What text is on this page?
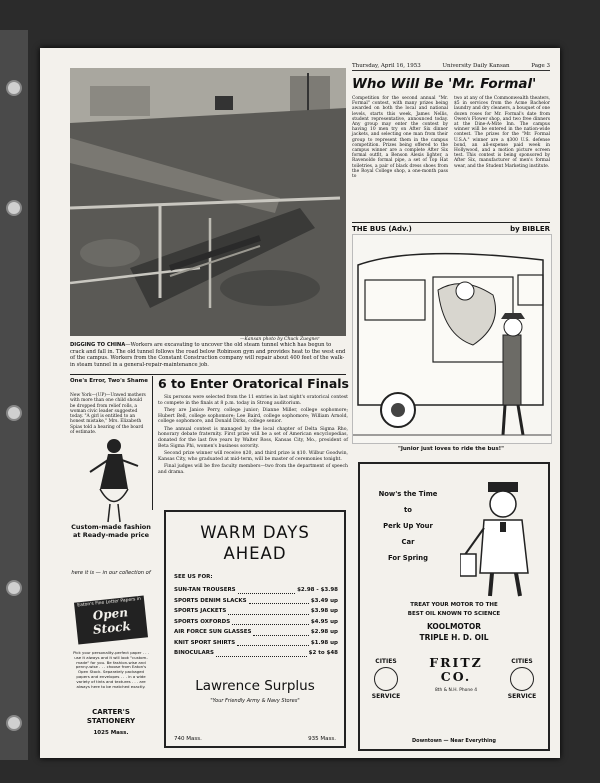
Thursday, April 16, 1953	University Daily Kansan	Page 3
—Kansan photo by Chuck Zuegner
DIGGING TO CHINA—Workers are excavating to uncover the old steam tunnel which has begun to crack and fall in. The old tunnel follows the road below Robinson gym and provides heat to the west end of the campus. Workers from the Constant Construction company will repair about 400 feet of the walk-in steam tunnel in a general-repair-maintenance job.
Who Will Be 'Mr. Formal'
Competition for the second annual "Mr. Formal" contest, with many prizes being awarded on both the local and national levels, starts this week, James Nellis, student representative, announced today. Any group may enter the contest by having 10 men try on After Six dinner jackets, and selecting one man from their group to represent them in the campus competition. Prizes being offered to the campus winner are a complete After Six formal outfit, a Benson Alexis lighter, a Ravenoldo formal pipe, a set of Top Hat toiletries, a pair of black dress shoes from the Royal College shop, a one-month pass to
two at any of the Commonwealth theaters, $5 in services from the Acme Bachelor laundry and dry cleaners, a bouquet of one dozen roses for Mr. Formal's date from Owen's Flower shop, and two free dinners at the Dine-A-Mite Inn. The campus winner will be entered in the nation-wide contest. The prizes for the "Mr. Formal U.S.A." winner are a $300 U.S. defense bond, an all-expense paid week in Hollywood, and a motion picture screen test. This contest is being sponsored by After Six, manufacturer of men's formal wear, and the Student Marketing institute.
THE BUS (Adv.)	by BIBLER
"Junior just loves to ride the bus!"
One's Error, Two's Shame
New York—(UP)—Unwed mothers with more than one child should be dropped from relief rolls, a woman civic leader suggested today. "A girl is entitled to an honest mistake," Mrs. Elizabeth Spias told a hearing of the board of estimate.
6 to Enter Oratorical Finals

Six persons were selected from the 11 entries in last night's oratorical contest to compete in the finals at 8 p.m. today in Strong auditorium.

They are Janice Perry, college junior; Dianne Miller, college sophomore; Hubert Bell, college sophomore; Lee Baird, college sophomore; William Arnold, college sophomore, and Donald Dirks, college senior.

The annual contest is managed by the local chapter of Delta Sigma Rho, honorary debate fraternity. First prize will be a set of American encyclopedias, donated for the last five years by Walter Ross, Kansas City, Mo., president of Beta Sigma Phi, women's business sorority.

Second prize winner will receive $20, and third prize is $10. Wilbur Goodwin, Kansas City, who graduated at mid-term, will be master of ceremonies tonight.

Final judges will be five faculty members—two from the department of speech and drama.

Custom-made fashion at Ready-made price
here it is — in our collection of
Eaton's Fine Letter Papers in
Open Stock
Pick your personality-perfect paper . . . use it always and it will look "custom-made" for you. Be fashion-wise and penny-wise . . . choose from Eaton's Open Stock. Separately packaged papers and envelopes . . . in a wide variety of tints and textures . . . are always here to be matched exactly.
CARTER'S STATIONERY
1025 Mass.
WARM DAYS AHEAD
SEE US FOR:
SUN-TAN TROUSERS	$2.98 - $3.98
SPORTS DENIM SLACKS	$3.49 up
SPORTS JACKETS	$3.98 up
SPORTS OXFORDS	$4.95 up
AIR FORCE SUN GLASSES	$2.98 up
KNIT SPORT SHIRTS	$1.98 up
BINOCULARS	$2 to $48
Lawrence Surplus
"Your Friendly Army & Navy Stores"
740 Mass.	935 Mass.
Now's the Time
to
Perk Up Your
Car
For Spring
TREAT YOUR MOTOR TO THE
BEST OIL KNOWN TO SCIENCE
KOOLMOTOR
TRIPLE H. D. OIL
CITIES
SERVICE
FRITZ CO.
8th & N.H. Phone 4
CITIES
SERVICE
Downtown — Near Everything
